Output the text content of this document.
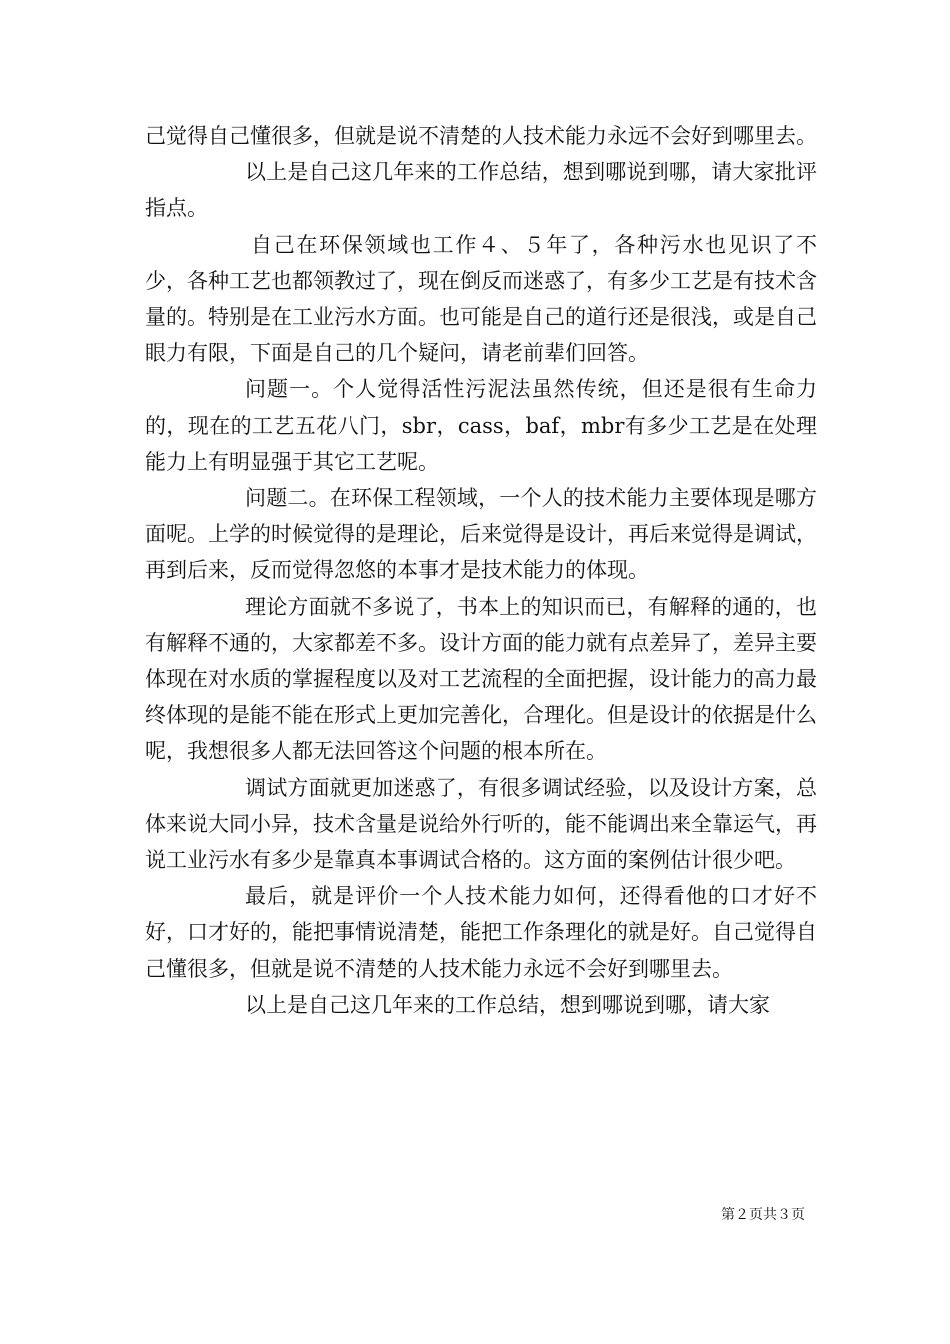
己觉得自己懂很多，但就是说不清楚的人技术能力永远不会好到哪里去。

以上是自己这几年来的工作总结，想到哪说到哪，请大家批评指点。

自己在环保领域也工作４、５年了，各种污水也见识了不少，各种工艺也都领教过了，现在倒反而迷惑了，有多少工艺是有技术含量的。特别是在工业污水方面。也可能是自己的道行还是很浅，或是自己眼力有限，下面是自己的几个疑问，请老前辈们回答。

问题一。个人觉得活性污泥法虽然传统，但还是很有生命力的，现在的工艺五花八门，sbr，cass，baf，mbr有多少工艺是在处理能力上有明显强于其它工艺呢。

问题二。在环保工程领域，一个人的技术能力主要体现是哪方面呢。上学的时候觉得的是理论，后来觉得是设计，再后来觉得是调试，再到后来，反而觉得忽悠的本事才是技术能力的体现。

理论方面就不多说了，书本上的知识而已，有解释的通的，也有解释不通的，大家都差不多。设计方面的能力就有点差异了，差异主要体现在对水质的掌握程度以及对工艺流程的全面把握，设计能力的高力最终体现的是能不能在形式上更加完善化，合理化。但是设计的依据是什么呢，我想很多人都无法回答这个问题的根本所在。

调试方面就更加迷惑了，有很多调试经验，以及设计方案，总体来说大同小异，技术含量是说给外行听的，能不能调出来全靠运气，再说工业污水有多少是靠真本事调试合格的。这方面的案例估计很少吧。

最后，就是评价一个人技术能力如何，还得看他的口才好不好，口才好的，能把事情说清楚，能把工作条理化的就是好。自己觉得自己懂很多，但就是说不清楚的人技术能力永远不会好到哪里去。

以上是自己这几年来的工作总结，想到哪说到哪，请大家

第２页共３页
